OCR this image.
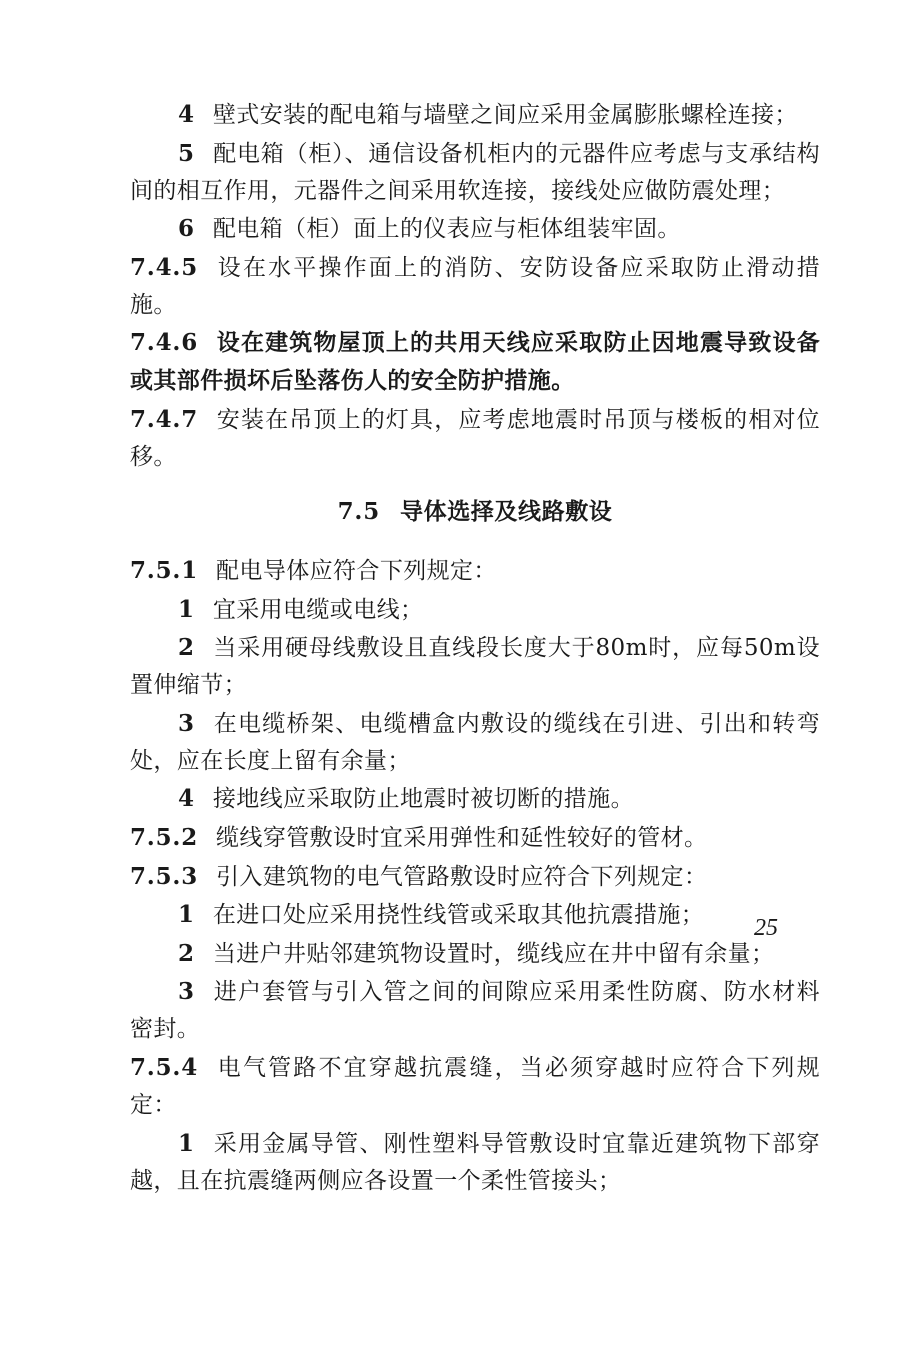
4 壁式安装的配电箱与墙壁之间应采用金属膨胀螺栓连接；

5 配电箱（柜）、通信设备机柜内的元器件应考虑与支承结构间的相互作用，元器件之间采用软连接，接线处应做防震处理；

6 配电箱（柜）面上的仪表应与柜体组装牢固。

7.4.5 设在水平操作面上的消防、安防设备应采取防止滑动措施。

7.4.6 设在建筑物屋顶上的共用天线应采取防止因地震导致设备或其部件损坏后坠落伤人的安全防护措施。

7.4.7 安装在吊顶上的灯具，应考虑地震时吊顶与楼板的相对位移。

7.5 导体选择及线路敷设

7.5.1 配电导体应符合下列规定：

1 宜采用电缆或电线；

2 当采用硬母线敷设且直线段长度大于80m时，应每50m设置伸缩节；

3 在电缆桥架、电缆槽盒内敷设的缆线在引进、引出和转弯处，应在长度上留有余量；

4 接地线应采取防止地震时被切断的措施。

7.5.2 缆线穿管敷设时宜采用弹性和延性较好的管材。

7.5.3 引入建筑物的电气管路敷设时应符合下列规定：

1 在进口处应采用挠性线管或采取其他抗震措施；

2 当进户井贴邻建筑物设置时，缆线应在井中留有余量；

3 进户套管与引入管之间的间隙应采用柔性防腐、防水材料密封。

7.5.4 电气管路不宜穿越抗震缝，当必须穿越时应符合下列规定：

1 采用金属导管、刚性塑料导管敷设时宜靠近建筑物下部穿越，且在抗震缝两侧应各设置一个柔性管接头；

25
